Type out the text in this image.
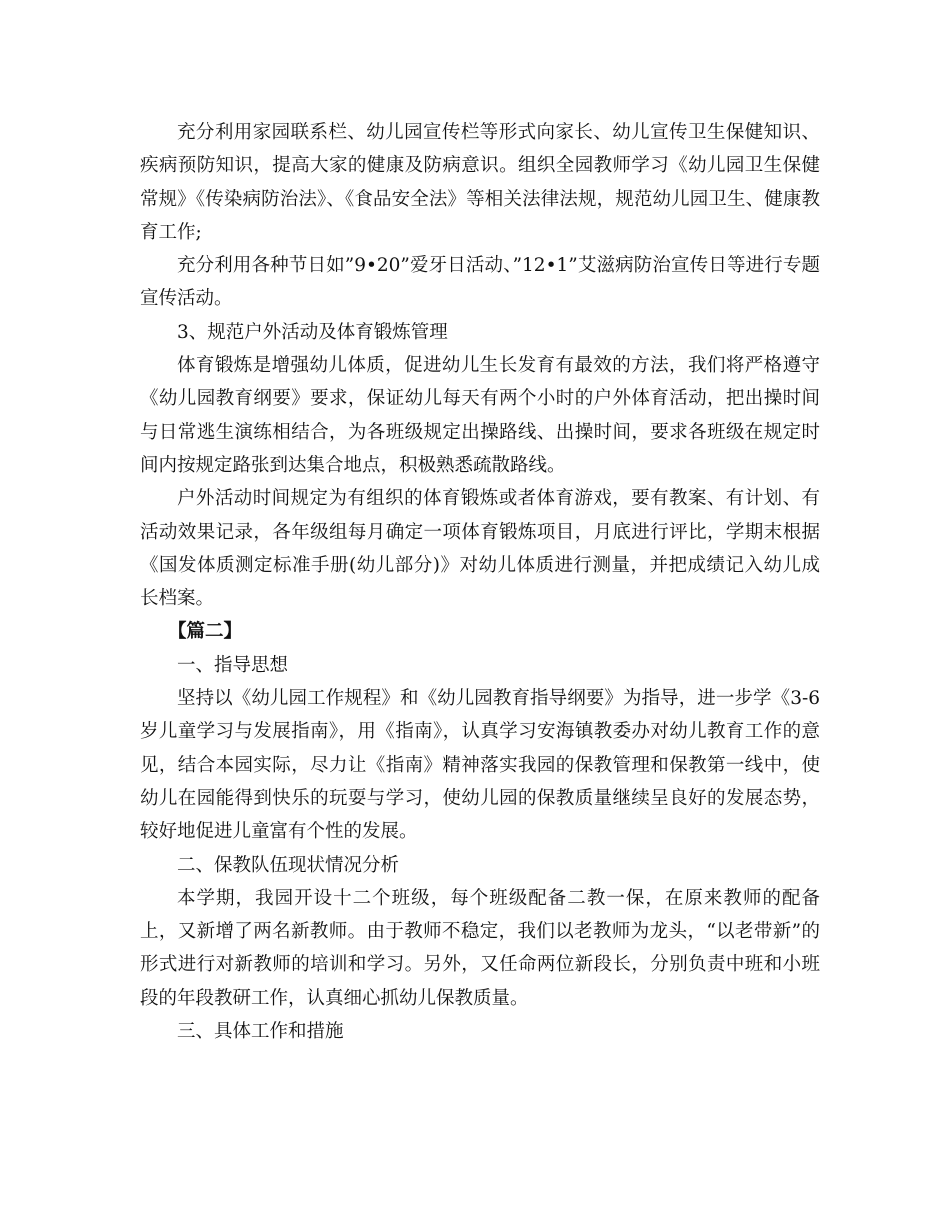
充分利用家园联系栏、幼儿园宣传栏等形式向家长、幼儿宣传卫生保健知识、疾病预防知识，提高大家的健康及防病意识。组织全园教师学习《幼儿园卫生保健常规》《传染病防治法》、《食品安全法》等相关法律法规，规范幼儿园卫生、健康教育工作;

充分利用各种节日如”9•20”爱牙日活动、”12•1”艾滋病防治宣传日等进行专题宣传活动。

3、规范户外活动及体育锻炼管理

体育锻炼是增强幼儿体质，促进幼儿生长发育有最效的方法，我们将严格遵守《幼儿园教育纲要》要求，保证幼儿每天有两个小时的户外体育活动，把出操时间与日常逃生演练相结合，为各班级规定出操路线、出操时间，要求各班级在规定时间内按规定路张到达集合地点，积极熟悉疏散路线。

户外活动时间规定为有组织的体育锻炼或者体育游戏，要有教案、有计划、有活动效果记录，各年级组每月确定一项体育锻炼项目，月底进行评比，学期末根据《国发体质测定标准手册(幼儿部分)》对幼儿体质进行测量，并把成绩记入幼儿成长档案。

【篇二】

一、指导思想

坚持以《幼儿园工作规程》和《幼儿园教育指导纲要》为指导，进一步学《3-6岁儿童学习与发展指南》，用《指南》，认真学习安海镇教委办对幼儿教育工作的意见，结合本园实际，尽力让《指南》精神落实我园的保教管理和保教第一线中，使幼儿在园能得到快乐的玩耍与学习，使幼儿园的保教质量继续呈良好的发展态势，较好地促进儿童富有个性的发展。

二、保教队伍现状情况分析

本学期，我园开设十二个班级，每个班级配备二教一保，在原来教师的配备上，又新增了两名新教师。由于教师不稳定，我们以老教师为龙头，“以老带新”的形式进行对新教师的培训和学习。另外，又任命两位新段长，分别负责中班和小班段的年段教研工作，认真细心抓幼儿保教质量。

三、具体工作和措施
